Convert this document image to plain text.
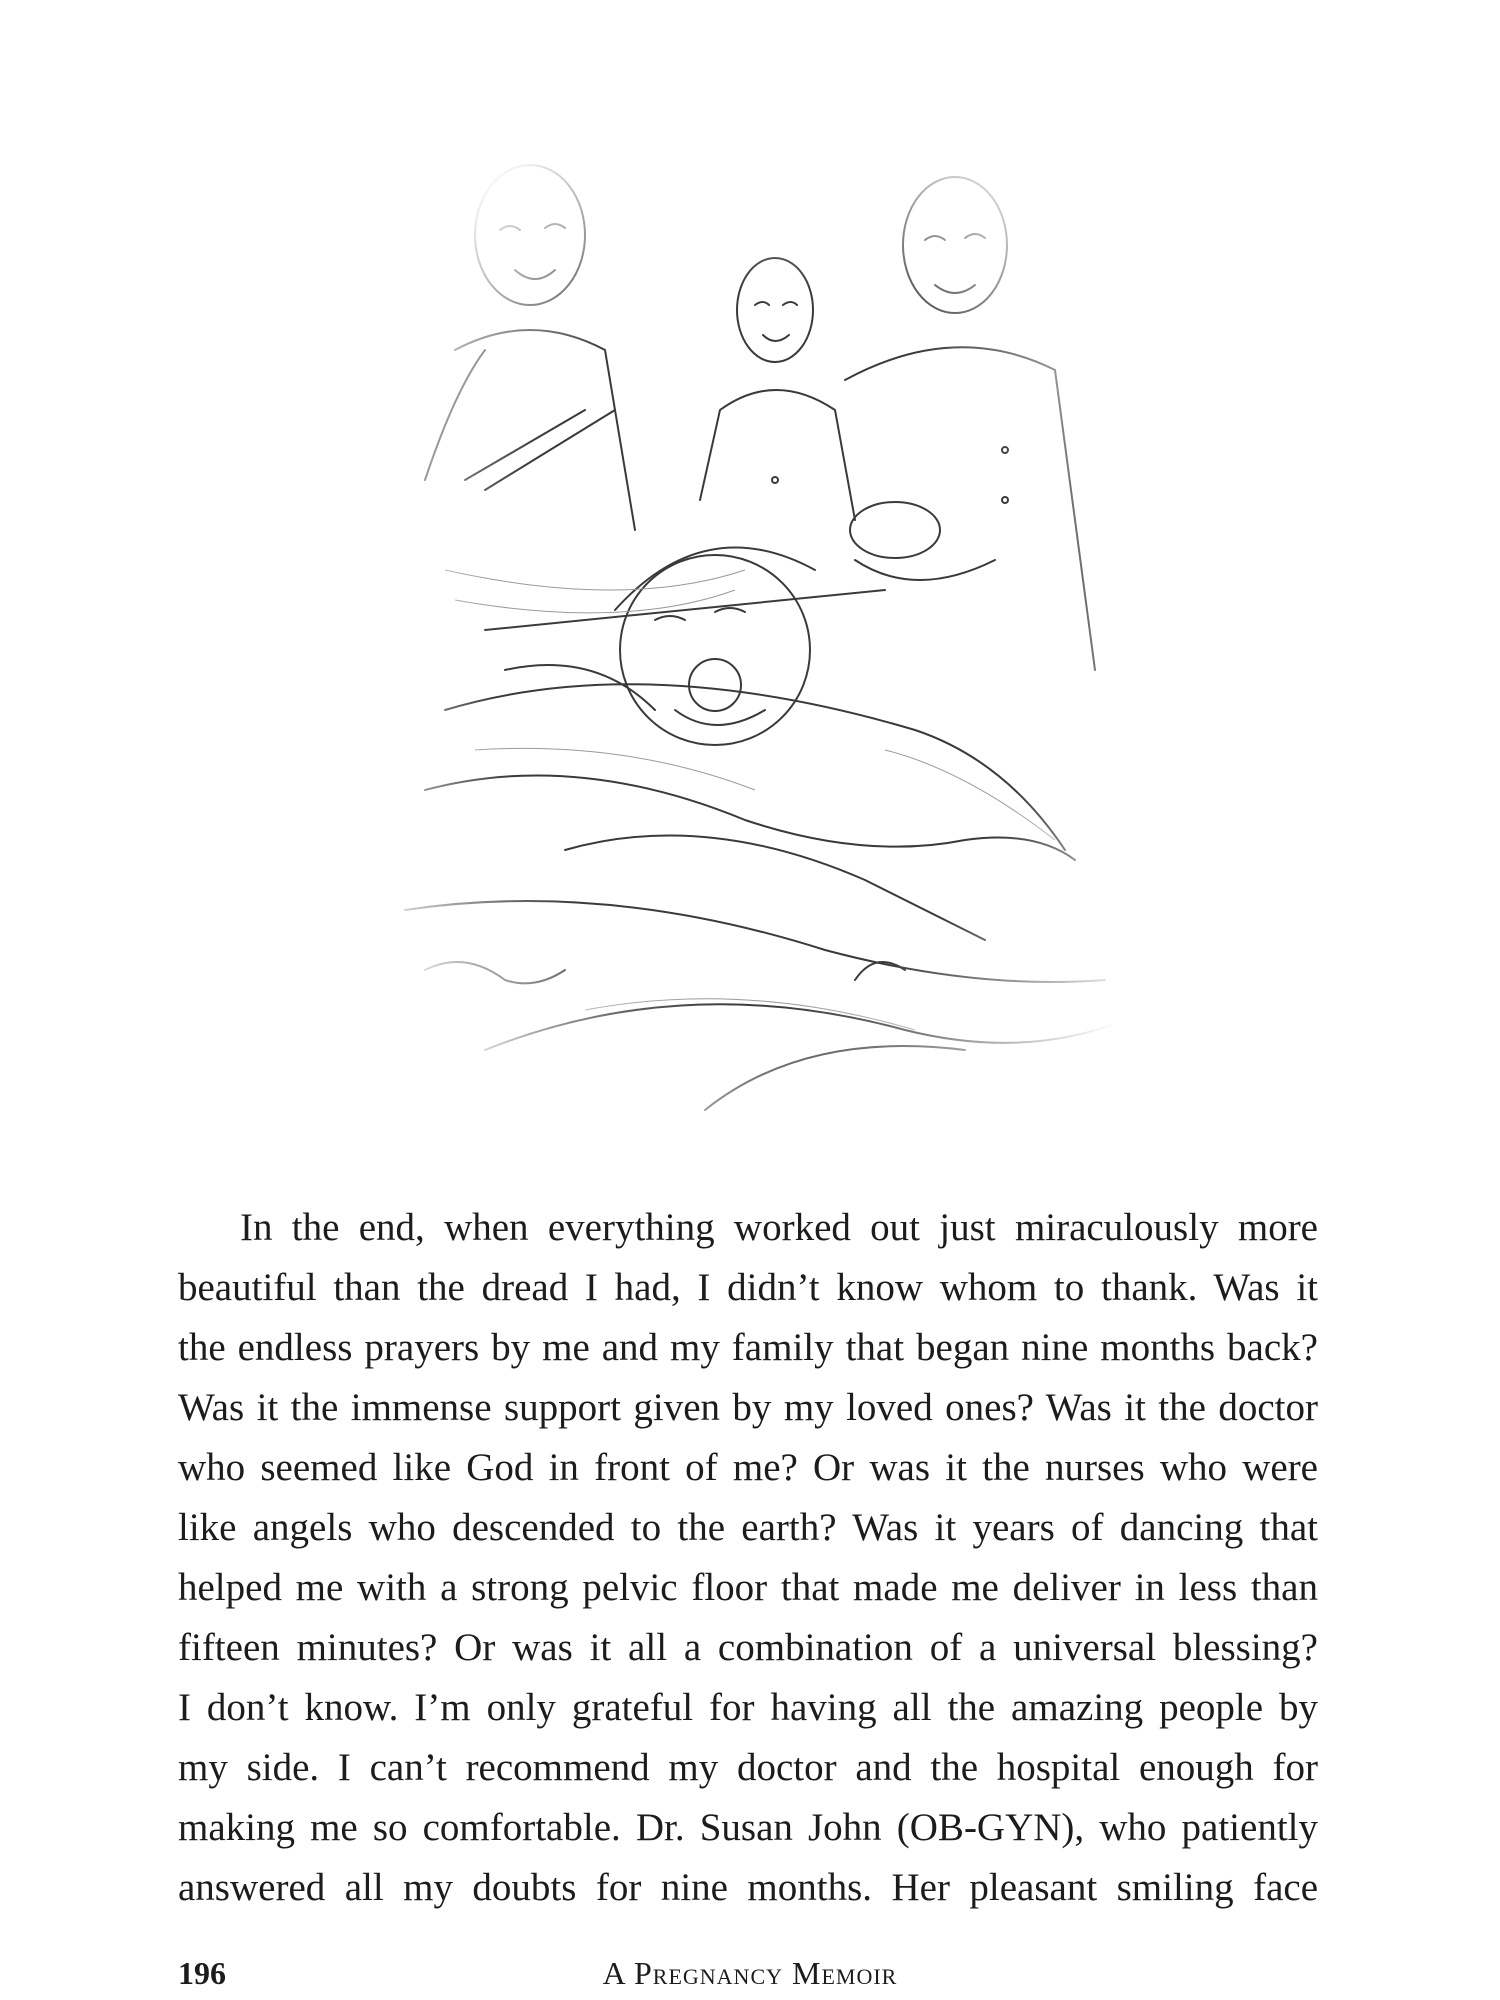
In the end, when everything worked out just miraculously more
beautiful than the dread I had, I didn’t know whom to thank. Was it
the endless prayers by me and my family that began nine months back?
Was it the immense support given by my loved ones? Was it the doctor
who seemed like God in front of me? Or was it the nurses who were
like angels who descended to the earth? Was it years of dancing that
helped me with a strong pelvic floor that made me deliver in less than
fifteen minutes? Or was it all a combination of a universal blessing?
I don’t know. I’m only grateful for having all the amazing people by
my side. I can’t recommend my doctor and the hospital enough for
making me so comfortable. Dr. Susan John (OB-GYN), who patiently
answered all my doubts for nine months. Her pleasant smiling face
196	A Pregnancy Memoir
